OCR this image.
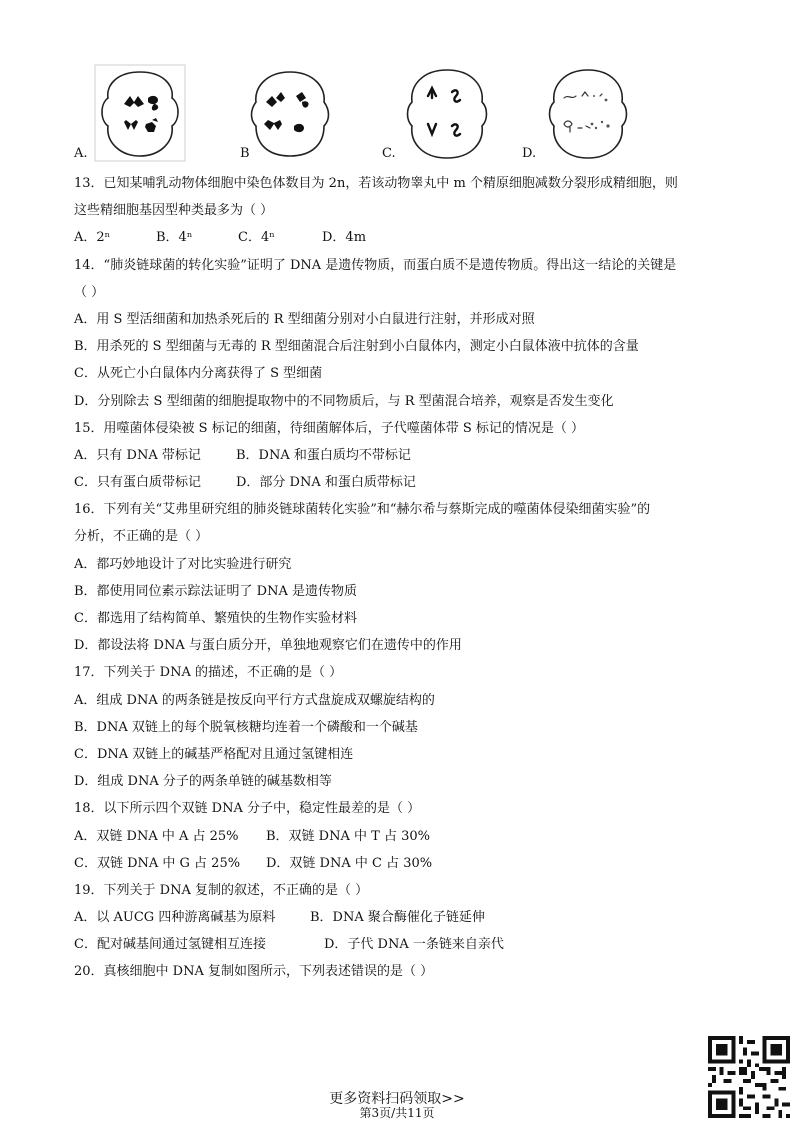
A.	B	C.	D.
13．已知某哺乳动物体细胞中染色体数目为 2n，若该动物睾丸中 m 个精原细胞减数分裂形成精细胞，则
这些精细胞基因型种类最多为（ ）
A．2ⁿ	B．4ⁿ	C．4ⁿ	D．4m
14．“肺炎链球菌的转化实验”证明了 DNA 是遗传物质，而蛋白质不是遗传物质。得出这一结论的关键是
（ ）
A．用 S 型活细菌和加热杀死后的 R 型细菌分别对小白鼠进行注射，并形成对照
B．用杀死的 S 型细菌与无毒的 R 型细菌混合后注射到小白鼠体内，测定小白鼠体液中抗体的含量
C．从死亡小白鼠体内分离获得了 S 型细菌
D．分别除去 S 型细菌的细胞提取物中的不同物质后，与 R 型菌混合培养，观察是否发生变化
15．用噬菌体侵染被 S 标记的细菌，待细菌解体后，子代噬菌体带 S 标记的情况是（ ）
A．只有 DNA 带标记	B．DNA 和蛋白质均不带标记
C．只有蛋白质带标记	D．部分 DNA 和蛋白质带标记
16．下列有关“艾弗里研究组的肺炎链球菌转化实验”和“赫尔希与蔡斯完成的噬菌体侵染细菌实验”的
分析，不正确的是（ ）
A．都巧妙地设计了对比实验进行研究
B．都使用同位素示踪法证明了 DNA 是遗传物质
C．都选用了结构简单、繁殖快的生物作实验材料
D．都设法将 DNA 与蛋白质分开，单独地观察它们在遗传中的作用
17．下列关于 DNA 的描述，不正确的是（ ）
A．组成 DNA 的两条链是按反向平行方式盘旋成双螺旋结构的
B．DNA 双链上的每个脱氧核糖均连着一个磷酸和一个碱基
C．DNA 双链上的碱基严格配对且通过氢键相连
D．组成 DNA 分子的两条单链的碱基数相等
18．以下所示四个双链 DNA 分子中，稳定性最差的是（ ）
A．双链 DNA 中 A 占 25% B．双链 DNA 中 T 占 30%
C．双链 DNA 中 G 占 25% D．双链 DNA 中 C 占 30%
19．下列关于 DNA 复制的叙述，不正确的是（ ）
A．以 AUCG 四种游离碱基为原料	B．DNA 聚合酶催化子链延伸
C．配对碱基间通过氢键相互连接	D．子代 DNA 一条链来自亲代
20．真核细胞中 DNA 复制如图所示，下列表述错误的是（ ）
更多资料扫码领取>>
第3页/共11页
